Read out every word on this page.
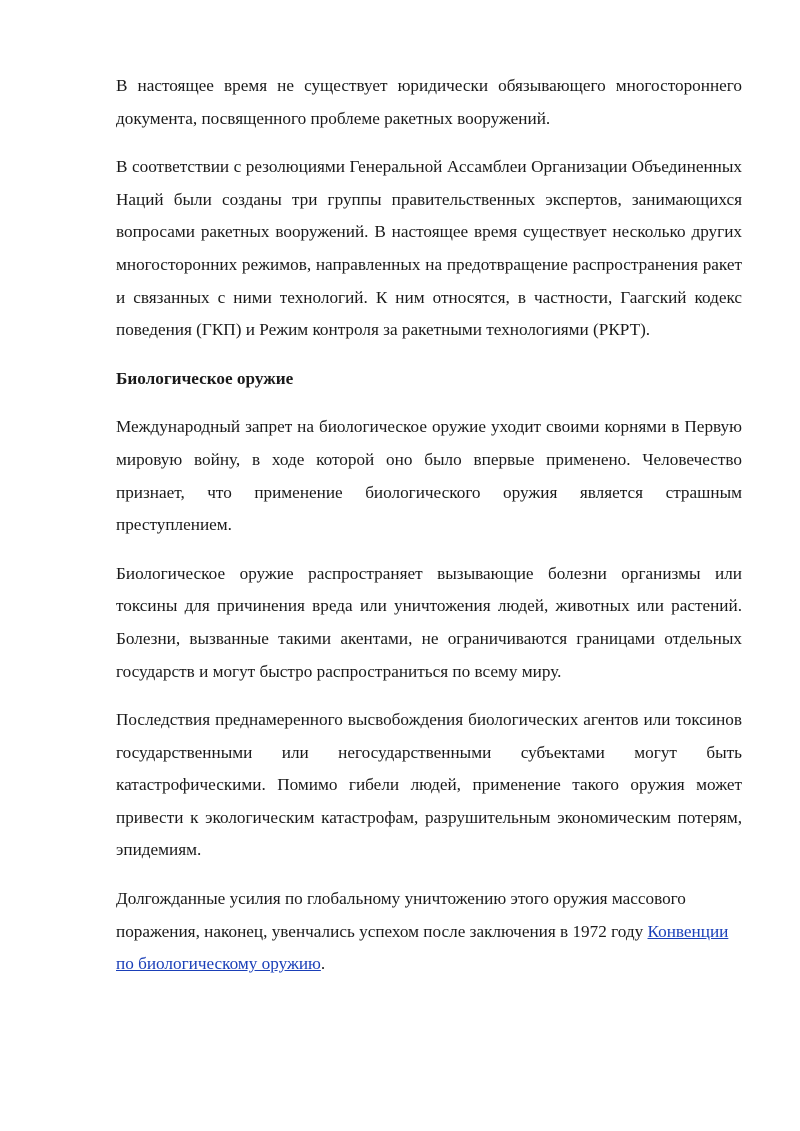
В настоящее время не существует юридически обязывающего многостороннего документа, посвященного проблеме ракетных вооружений.

В соответствии с резолюциями Генеральной Ассамблеи Организации Объединенных Наций были созданы три группы правительственных экспертов, занимающихся вопросами ракетных вооружений. В настоящее время существует несколько других многосторонних режимов, направленных на предотвращение распространения ракет и связанных с ними технологий. К ним относятся, в частности, Гаагский кодекс поведения (ГКП) и Режим контроля за ракетными технологиями (РКРТ).

Биологическое оружие

Международный запрет на биологическое оружие уходит своими корнями в Первую мировую войну, в ходе которой оно было впервые применено. Человечество признает, что применение биологического оружия является страшным преступлением.

Биологическое оружие распространяет вызывающие болезни организмы или токсины для причинения вреда или уничтожения людей, животных или растений. Болезни, вызванные такими акентами, не ограничиваются границами отдельных государств и могут быстро распространиться по всему миру.

Последствия преднамеренного высвобождения биологических агентов или токсинов государственными или негосударственными субъектами могут быть катастрофическими. Помимо гибели людей, применение такого оружия может привести к экологическим катастрофам, разрушительным экономическим потерям, эпидемиям.

Долгожданные усилия по глобальному уничтожению этого оружия массового поражения, наконец, увенчались успехом после заключения в 1972 году Конвенции по биологическому оружию.
